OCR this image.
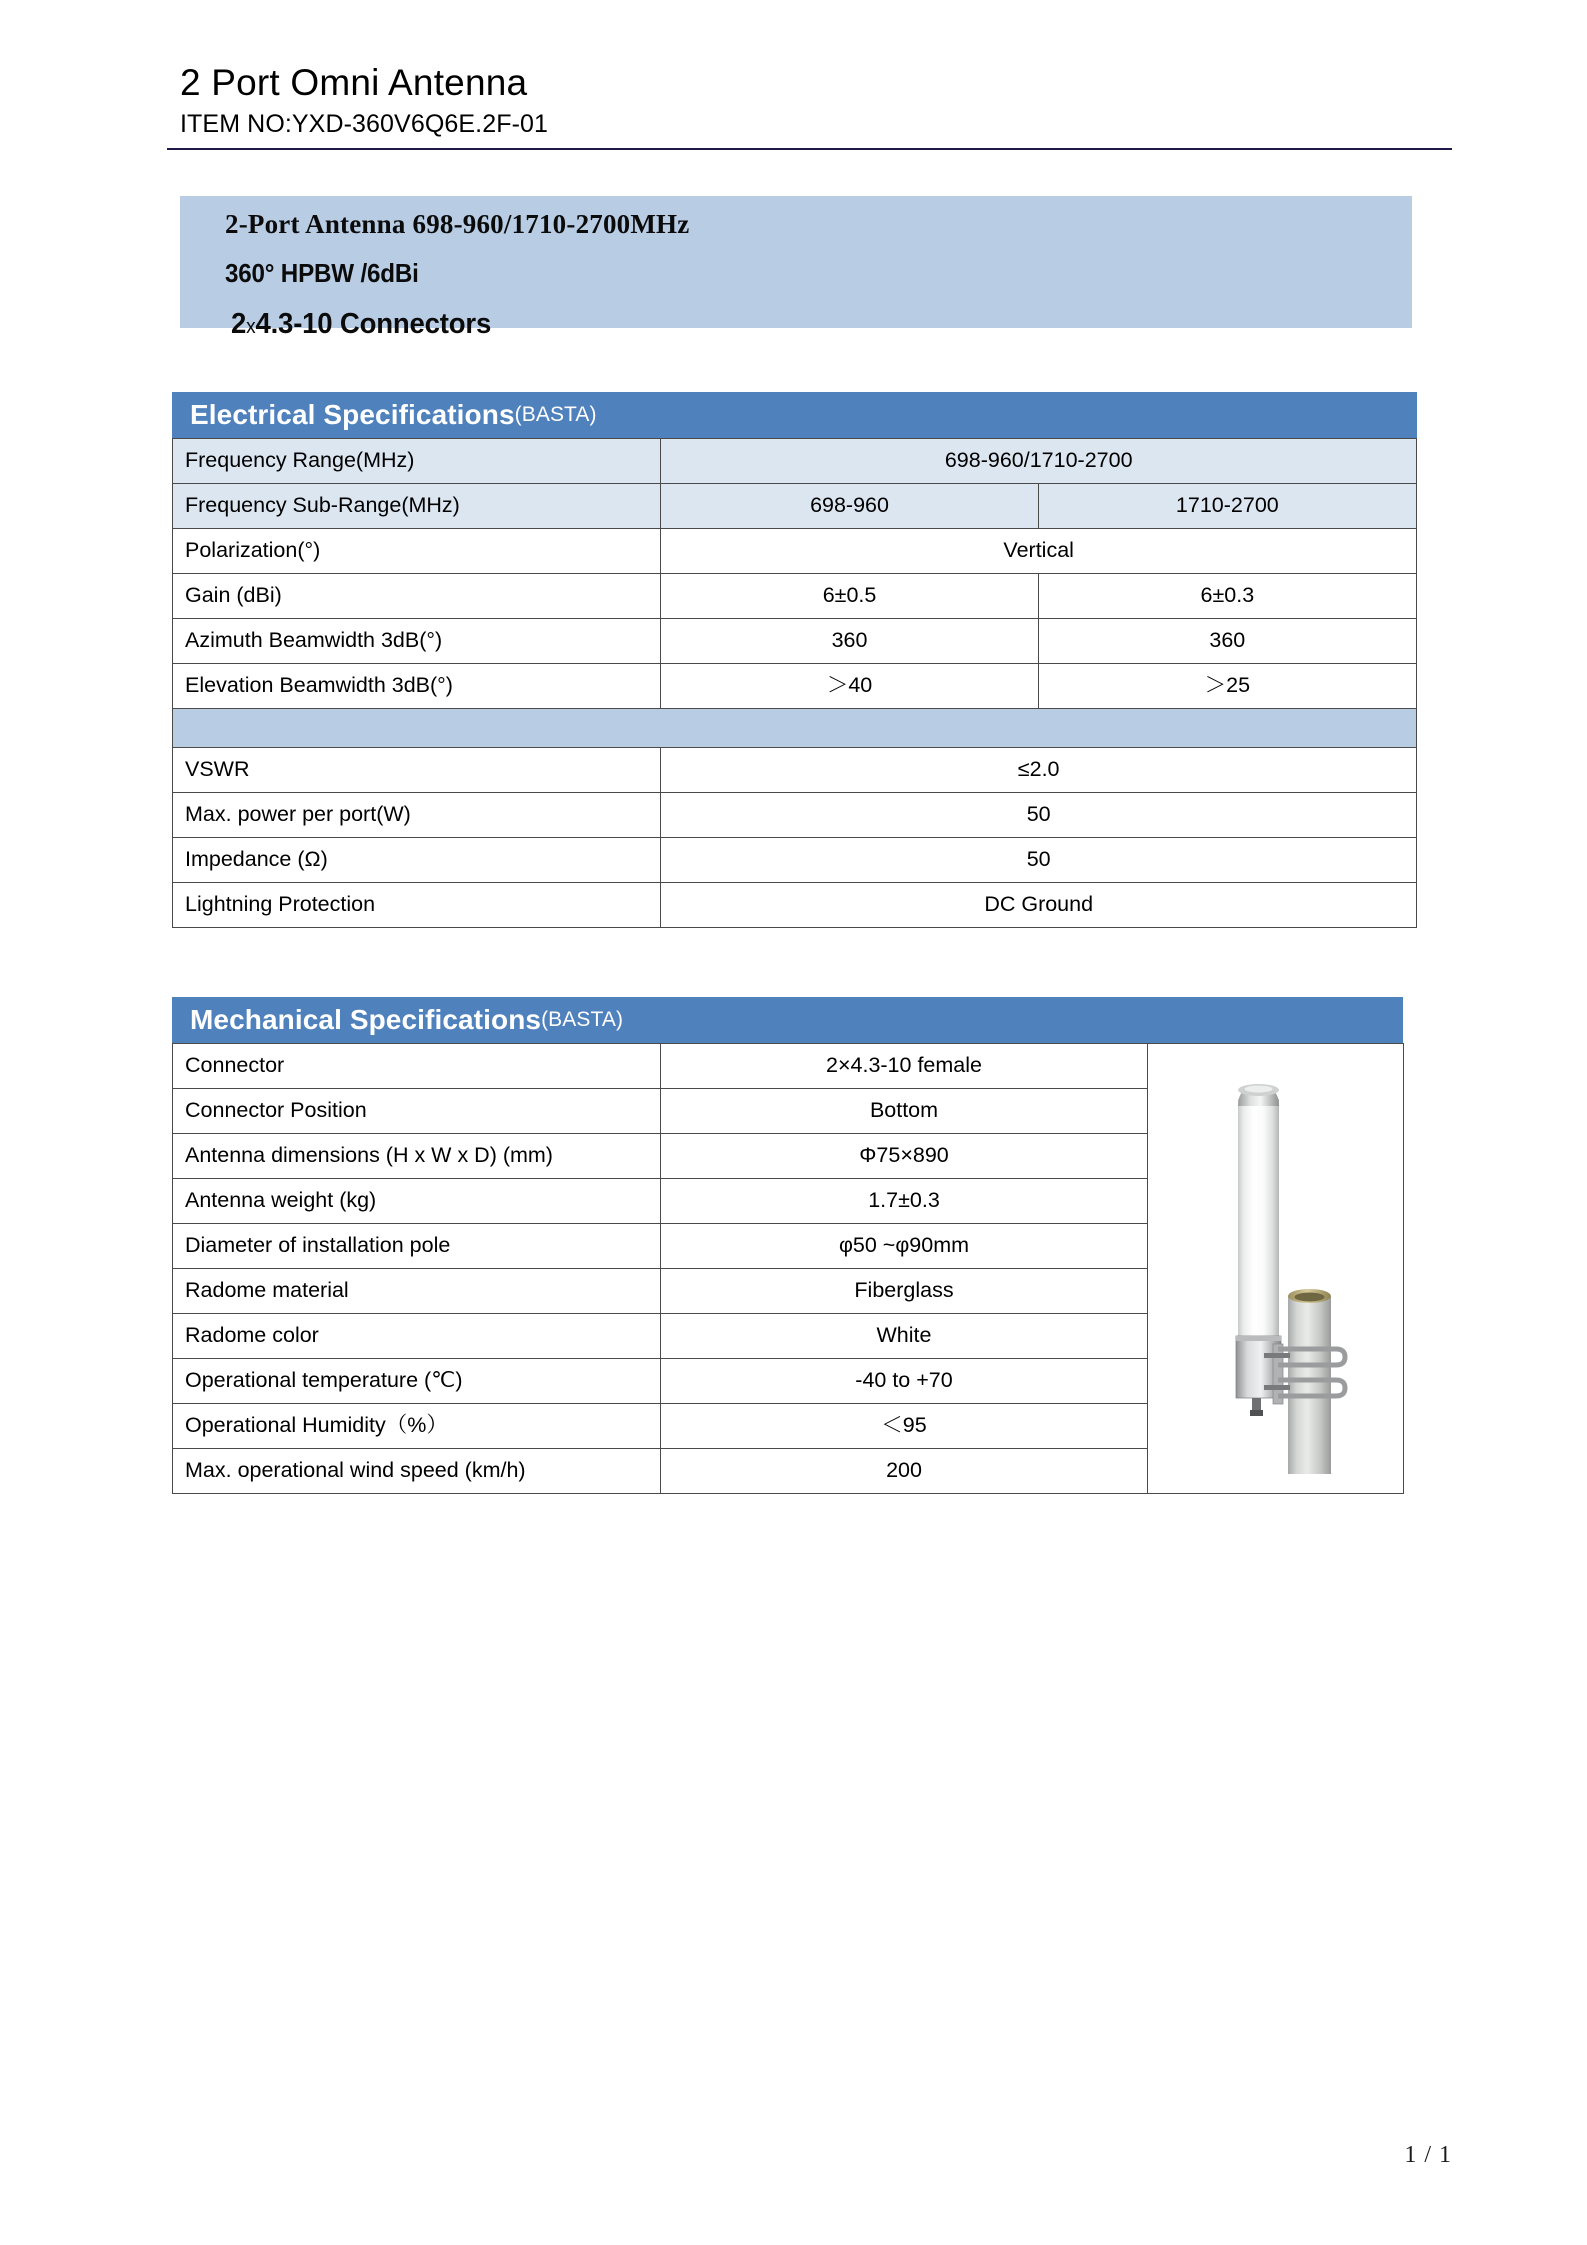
2 Port Omni Antenna
ITEM NO:YXD-360V6Q6E.2F-01
2-Port Antenna 698-960/1710-2700MHz
360° HPBW /6dBi
2x4.3-10 Connectors
Electrical Specifications (BASTA)
Frequency Range(MHz)	698-960/1710-2700	
Frequency Sub-Range(MHz)	698-960	1710-2700
Polarization(°)	Vertical	
Gain (dBi)	6±0.5	6±0.3
Azimuth Beamwidth 3dB(°)	360	360
Elevation Beamwidth 3dB(°)	＞40	＞25

VSWR	≤2.0	
Max. power per port(W)	50	
Impedance (Ω)	50	
Lightning Protection	DC Ground	
Mechanical Specifications (BASTA)
Connector	2×4.3-10 female	

Connector Position	Bottom	
Antenna dimensions (H x W x D) (mm)	Φ75×890	
Antenna weight (kg)	1.7±0.3	
Diameter of installation pole	φ50 ~φ90mm	
Radome material	Fiberglass	
Radome color	White	
Operational temperature (℃)	-40 to +70	
Operational Humidity（%）	＜95	
Max. operational wind speed (km/h)	200	
1 / 1
